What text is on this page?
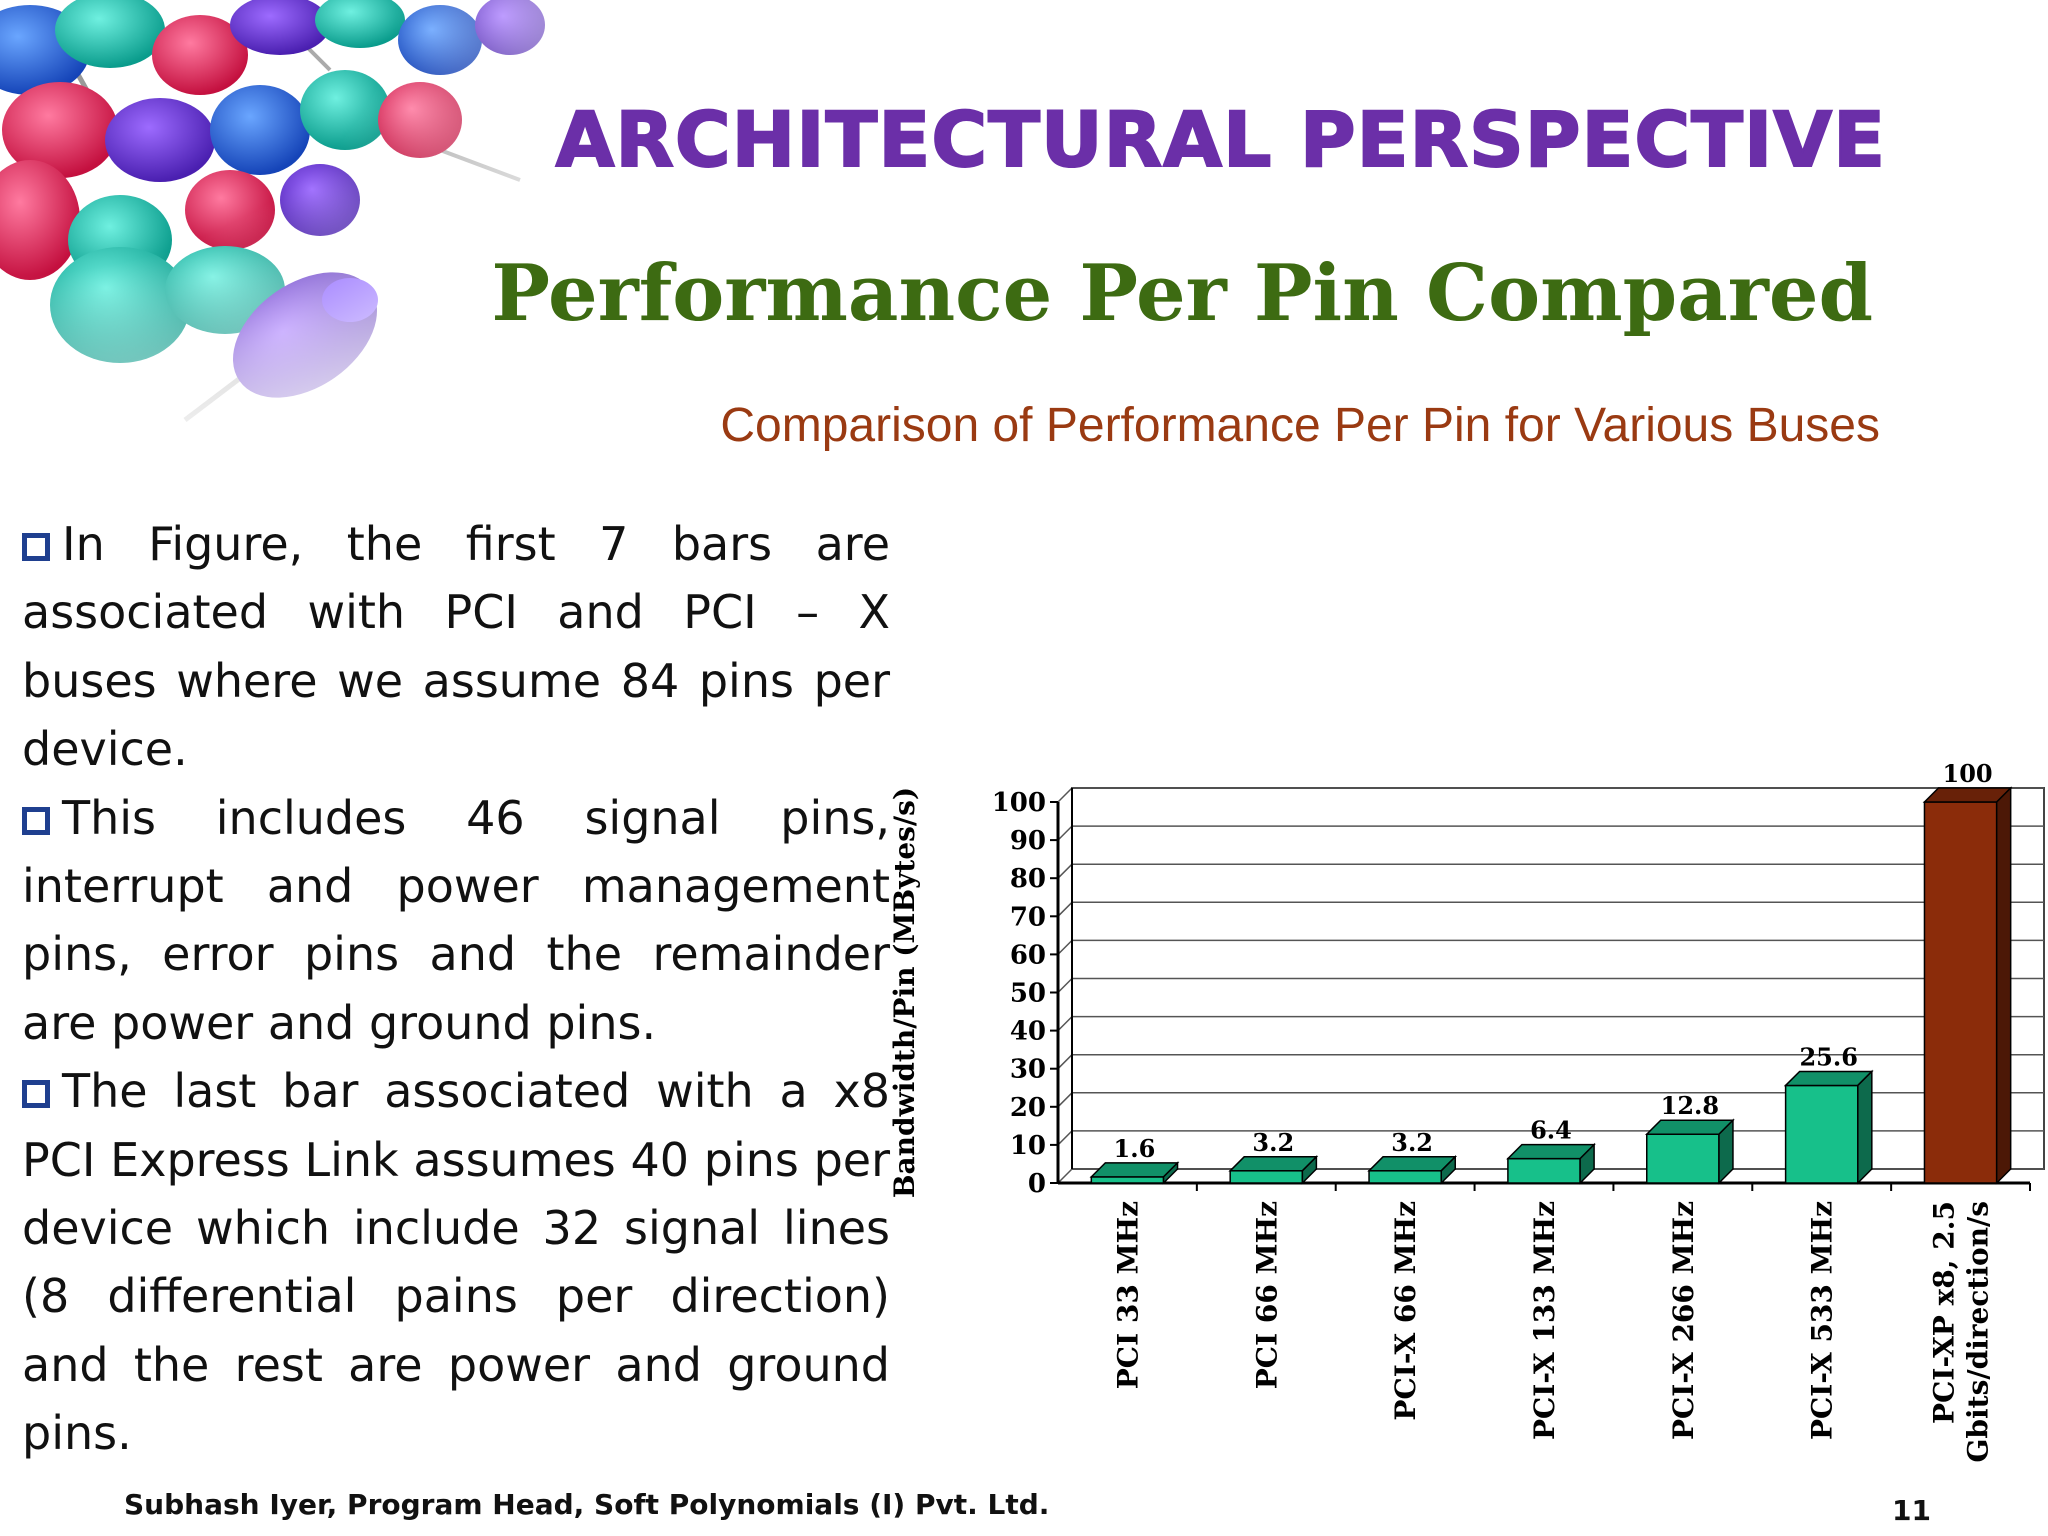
ARCHITECTURAL PERSPECTIVE
Performance Per Pin Compared

Comparison of Performance Per Pin for Various Buses

In Figure, the first 7 bars are associated with PCI and PCI – X buses where we assume 84 pins per device.

This includes 46 signal pins, interrupt and power management pins, error pins and the remainder are power and ground pins.

The last bar associated with a x8 PCI Express Link assumes 40 pins per device which include 32 signal lines (8 differential pains per direction) and the rest are power and ground pins.

0
10
20
30
40
50
60
70
80
90
100
Bandwidth/Pin (MBytes/s)	1.6
PCI 33 MHz
3.2
PCI 66 MHz
3.2
PCI-X 66 MHz
6.4
PCI-X 133 MHz
12.8
PCI-X 266 MHz
25.6
PCI-X 533 MHz
100
PCI-XP x8, 2.5 Gbits/direction/s

Subhash Iyer, Program Head, Soft Polynomials (I) Pvt. Ltd.	11
